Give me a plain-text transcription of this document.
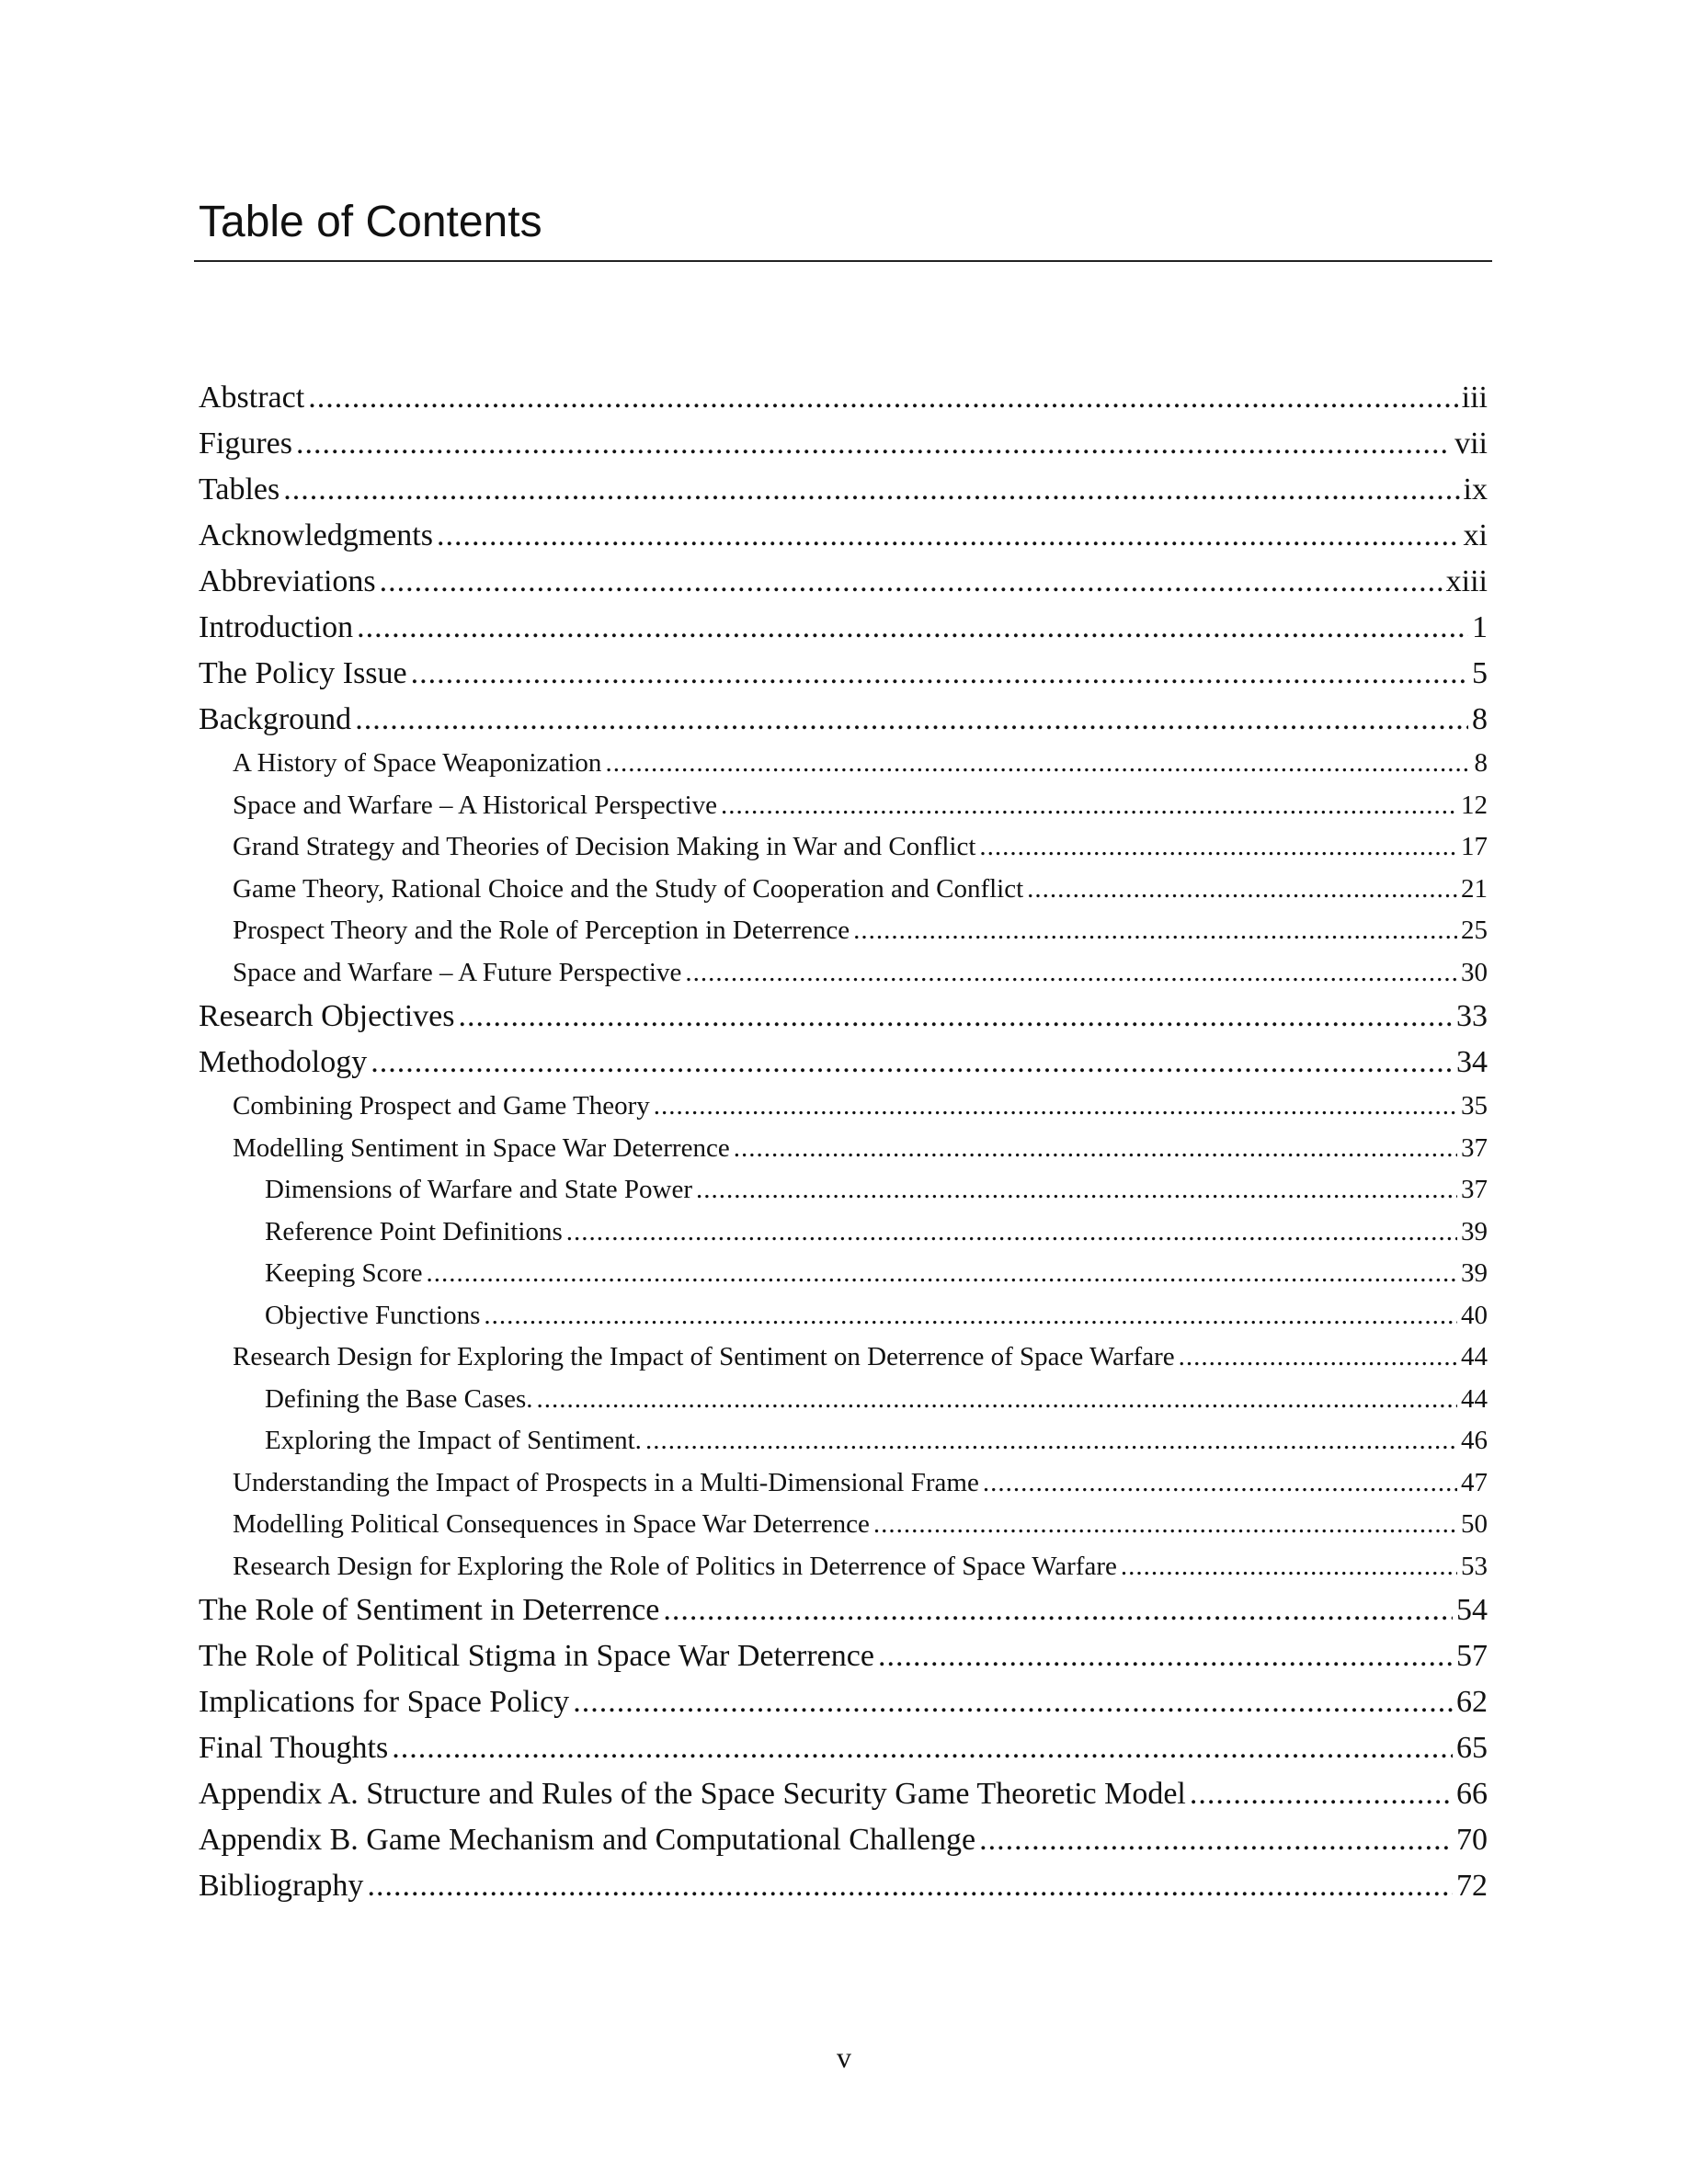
Table of Contents
Abstract .....	iii
Figures .....	vii
Tables .....	ix
Acknowledgments .....	xi
Abbreviations .....	xiii
Introduction .....	1
The Policy Issue .....	5
Background .....	8
A History of Space Weaponization .....	8
Space and Warfare – A Historical Perspective .....	12
Grand Strategy and Theories of Decision Making in War and Conflict .....	17
Game Theory, Rational Choice and the Study of Cooperation and Conflict .....	21
Prospect Theory and the Role of Perception in Deterrence .....	25
Space and Warfare – A Future Perspective .....	30
Research Objectives .....	33
Methodology .....	34
Combining Prospect and Game Theory .....	35
Modelling Sentiment in Space War Deterrence .....	37
Dimensions of Warfare and State Power .....	37
Reference Point Definitions .....	39
Keeping Score .....	39
Objective Functions .....	40
Research Design for Exploring the Impact of Sentiment on Deterrence of Space Warfare .....	44
Defining the Base Cases. .....	44
Exploring the Impact of Sentiment. .....	46
Understanding the Impact of Prospects in a Multi-Dimensional Frame .....	47
Modelling Political Consequences in Space War Deterrence .....	50
Research Design for Exploring the Role of Politics in Deterrence of Space Warfare .....	53
The Role of Sentiment in Deterrence .....	54
The Role of Political Stigma in Space War Deterrence .....	57
Implications for Space Policy .....	62
Final Thoughts .....	65
Appendix A. Structure and Rules of the Space Security Game Theoretic Model .....	66
Appendix B. Game Mechanism and Computational Challenge .....	70
Bibliography .....	72
v
